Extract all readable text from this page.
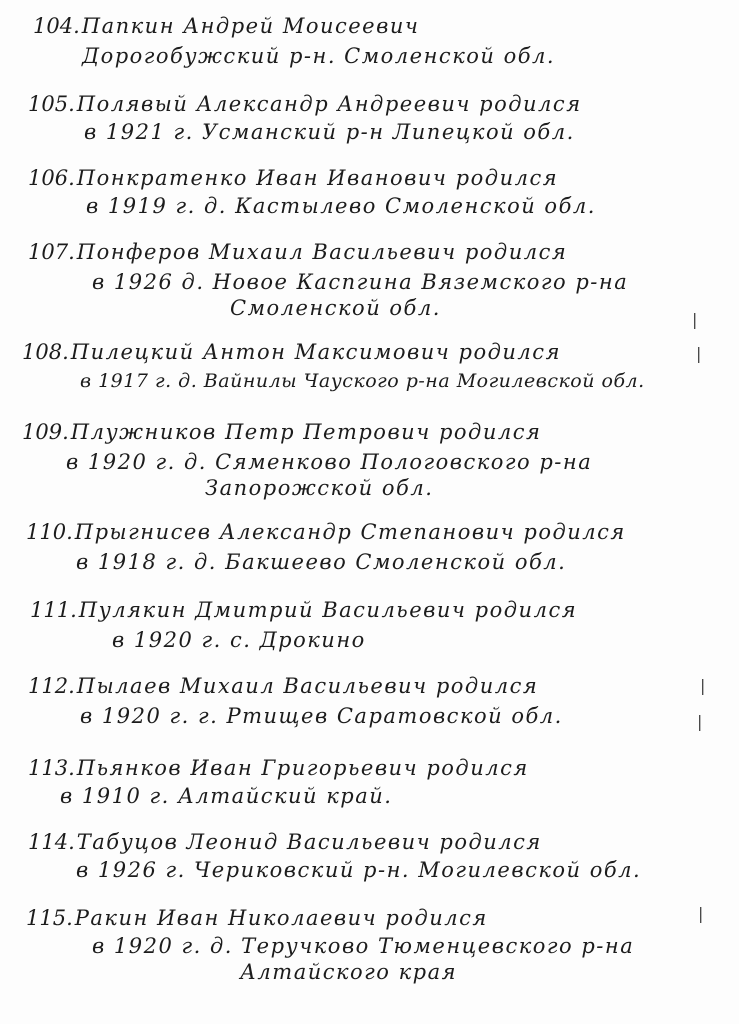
104.Папкин Андрей Моисеевич
Дорогобужский р-н. Смоленской обл.
105.Полявый Александр Андреевич родился
в 1921 г. Усманский р-н Липецкой обл.
106.Понкратенко Иван Иванович родился
в 1919 г. д. Кастылево Смоленской обл.
107.Понферов Михаил Васильевич родился
в 1926 д. Новое Каспгина Вяземского р-на
Смоленской обл.
108.Пилецкий Антон Максимович родился
в 1917 г. д. Вайнилы Чауского р-на Могилевской обл.
109.Плужников Петр Петрович родился
в 1920 г. д. Сяменково Пологовского р-на
Запорожской обл.
110.Прыгнисев Александр Степанович родился
в 1918 г. д. Бакшеево Смоленской обл.
111.Пулякин Дмитрий Васильевич родился
в 1920 г. с. Дрокино
112.Пылаев Михаил Васильевич родился
в 1920 г. г. Ртищев Саратовской обл.
113.Пьянков Иван Григорьевич родился
в 1910 г. Алтайский край.
114.Табуцов Леонид Васильевич родился
в 1926 г. Чериковский р-н. Могилевской обл.
115.Ракин Иван Николаевич родился
в 1920 г. д. Теручково Тюменцевского р-на
Алтайского края
|
|
|
|
|
